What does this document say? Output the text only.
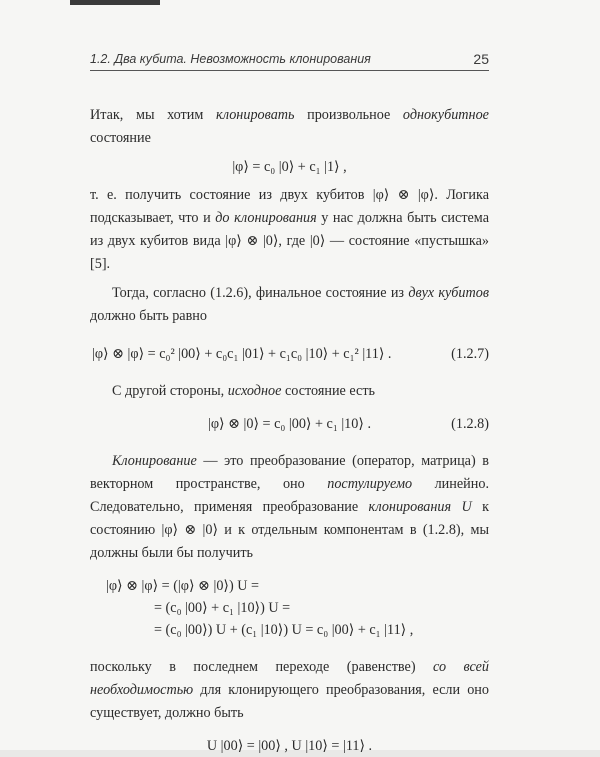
1.2. Два кубита. Невозможность клонирования	25

Итак, мы хотим клонировать произвольное однокубитное состояние

|φ⟩ = c₀ |0⟩ + c₁ |1⟩ ,

т. е. получить состояние из двух кубитов |φ⟩ ⊗ |φ⟩. Логика подсказывает, что и до клонирования у нас должна быть система из двух кубитов вида |φ⟩ ⊗ |0⟩, где |0⟩ — состояние «пустышка» [5].

Тогда, согласно (1.2.6), финальное состояние из двух кубитов должно быть равно

|φ⟩ ⊗ |φ⟩ = c₀² |00⟩ + c₀c₁ |01⟩ + c₁c₀ |10⟩ + c₁² |11⟩ .	(1.2.7)

С другой стороны, исходное состояние есть

|φ⟩ ⊗ |0⟩ = c₀ |00⟩ + c₁ |10⟩ .	(1.2.8)

Клонирование — это преобразование (оператор, матрица) в векторном пространстве, оно постулируемо линейно. Следовательно, применяя преобразование клонирования U к состоянию |φ⟩ ⊗ |0⟩ и к отдельным компонентам в (1.2.8), мы должны были бы получить

|φ⟩ ⊗ |φ⟩ = (|φ⟩ ⊗ |0⟩) U =
= (c₀ |00⟩ + c₁ |10⟩) U =
= (c₀ |00⟩) U + (c₁ |10⟩) U = c₀ |00⟩ + c₁ |11⟩ ,

поскольку в последнем переходе (равенстве) со всей необходимостью для клонирующего преобразования, если оно существует, должно быть

U |00⟩ = |00⟩ , U |10⟩ = |11⟩ .
